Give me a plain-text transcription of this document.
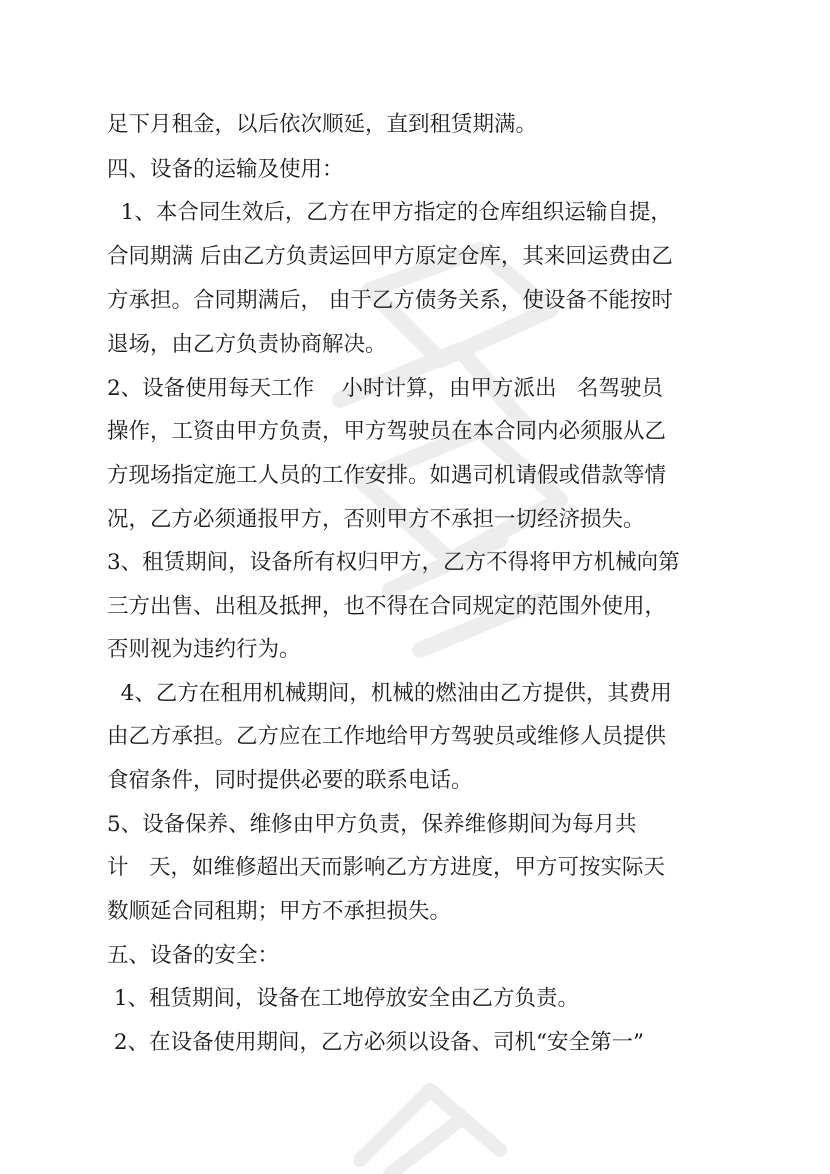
足下月租金，以后依次顺延，直到租赁期满。

四、设备的运输及使用：

1、本合同生效后，乙方在甲方指定的仓库组织运输自提，

合同期满 后由乙方负责运回甲方原定仓库，其来回运费由乙

方承担。合同期满后， 由于乙方债务关系，使设备不能按时

退场，由乙方负责协商解决。

2、设备使用每天工作    小时计算，由甲方派出   名驾驶员

操作，工资由甲方负责，甲方驾驶员在本合同内必须服从乙

方现场指定施工人员的工作安排。如遇司机请假或借款等情

况，乙方必须通报甲方，否则甲方不承担一切经济损失。

3、租赁期间，设备所有权归甲方，乙方不得将甲方机械向第

三方出售、出租及抵押，也不得在合同规定的范围外使用，

否则视为违约行为。

4、乙方在租用机械期间，机械的燃油由乙方提供，其费用

由乙方承担。乙方应在工作地给甲方驾驶员或维修人员提供

食宿条件，同时提供必要的联系电话。

5、设备保养、维修由甲方负责，保养维修期间为每月共

计   天，如维修超出天而影响乙方方进度，甲方可按实际天

数顺延合同租期；甲方不承担损失。

五、设备的安全：

1、租赁期间，设备在工地停放安全由乙方负责。

2、在设备使用期间，乙方必须以设备、司机“安全第一”
